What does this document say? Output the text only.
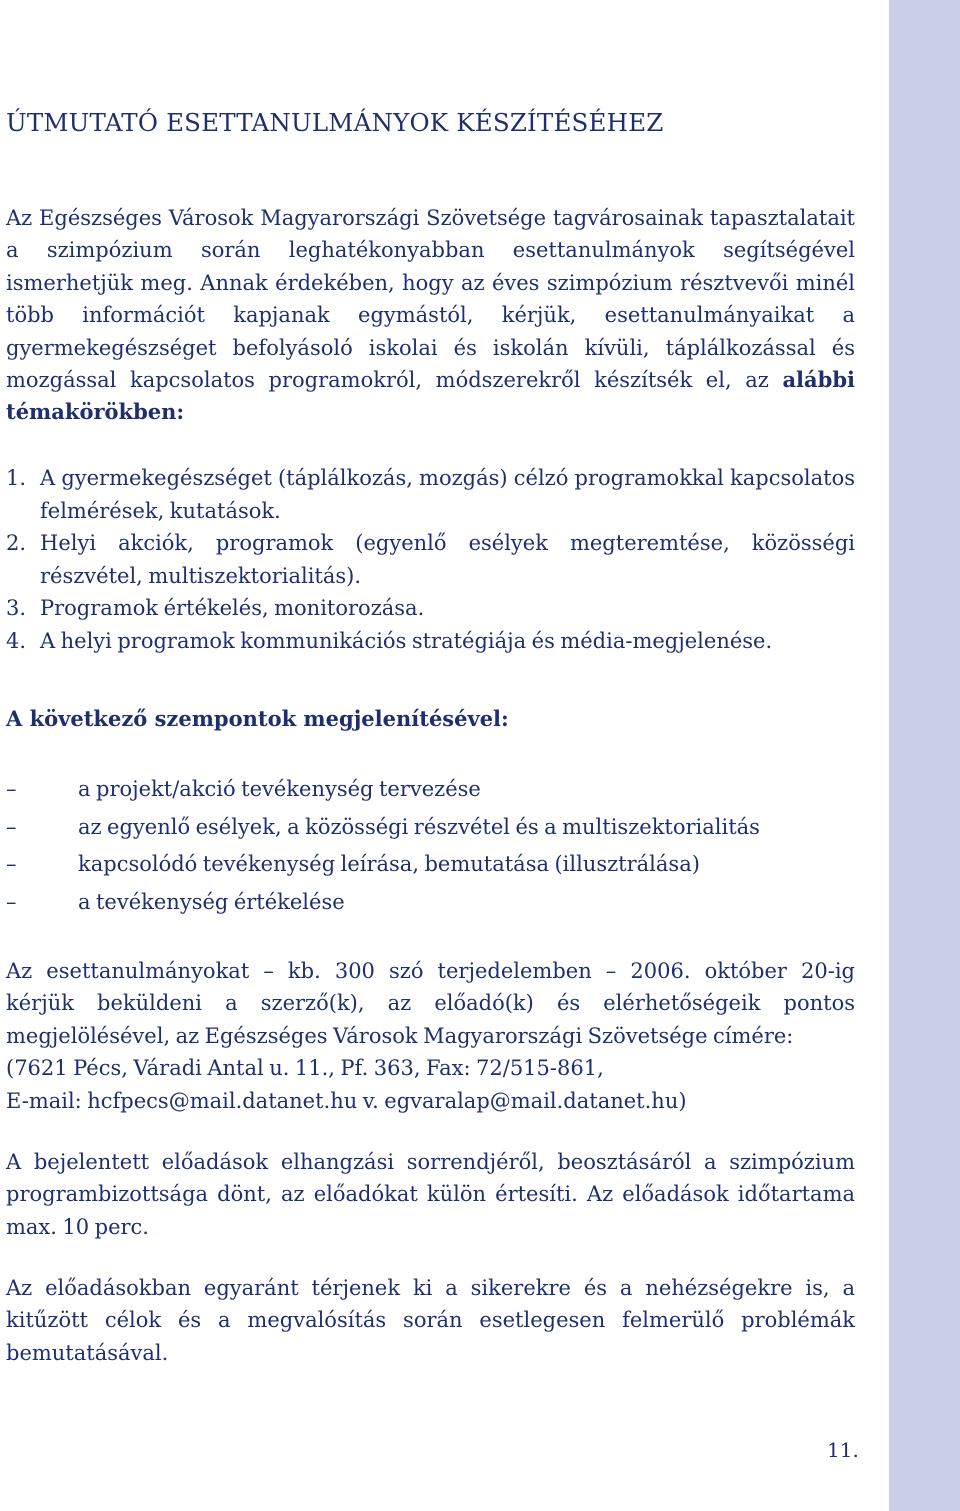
ÚTMUTATÓ ESETTANULMÁNYOK KÉSZÍTÉSÉHEZ

Az Egészséges Városok Magyarországi Szövetsége tagvárosainak tapasztalatait a szimpózium során leghatékonyabban esettanulmányok segítségével ismerhetjük meg. Annak érdekében, hogy az éves szimpózium résztvevői minél több információt kapjanak egymástól, kérjük, esettanulmányaikat a gyermekegészséget befolyásoló iskolai és iskolán kívüli, táplálkozással és mozgással kapcsolatos programokról, módszerekről készítsék el, az alábbi témakörökben:

1. A gyermekegészséget (táplálkozás, mozgás) célzó programokkal kapcsolatos felmérések, kutatások.
2. Helyi akciók, programok (egyenlő esélyek megteremtése, közösségi részvétel, multiszektorialitás).
3. Programok értékelés, monitorozása.
4. A helyi programok kommunikációs stratégiája és média-megjelenése.
A következő szempontok megjelenítésével:
–	a projekt/akció tevékenység tervezése
–	az egyenlő esélyek, a közösségi részvétel és a multiszektorialitás
–	kapcsolódó tevékenység leírása, bemutatása (illusztrálása)
–	a tevékenység értékelése
Az esettanulmányokat – kb. 300 szó terjedelemben – 2006. október 20-ig
kérjük beküldeni a szerző(k), az előadó(k) és elérhetőségeik pontos
megjelölésével, az Egészséges Városok Magyarországi Szövetsége címére:
(7621 Pécs, Váradi Antal u. 11., Pf. 363, Fax: 72/515-861,
E-mail: hcfpecs@mail.datanet.hu v. egvaralap@mail.datanet.hu)

A bejelentett előadások elhangzási sorrendjéről, beosztásáról a szimpózium programbizottsága dönt, az előadókat külön értesíti. Az előadások időtartama max. 10 perc.

Az előadásokban egyaránt térjenek ki a sikerekre és a nehézségekre is, a kitűzött célok és a megvalósítás során esetlegesen felmerülő problémák bemutatásával.

11.
